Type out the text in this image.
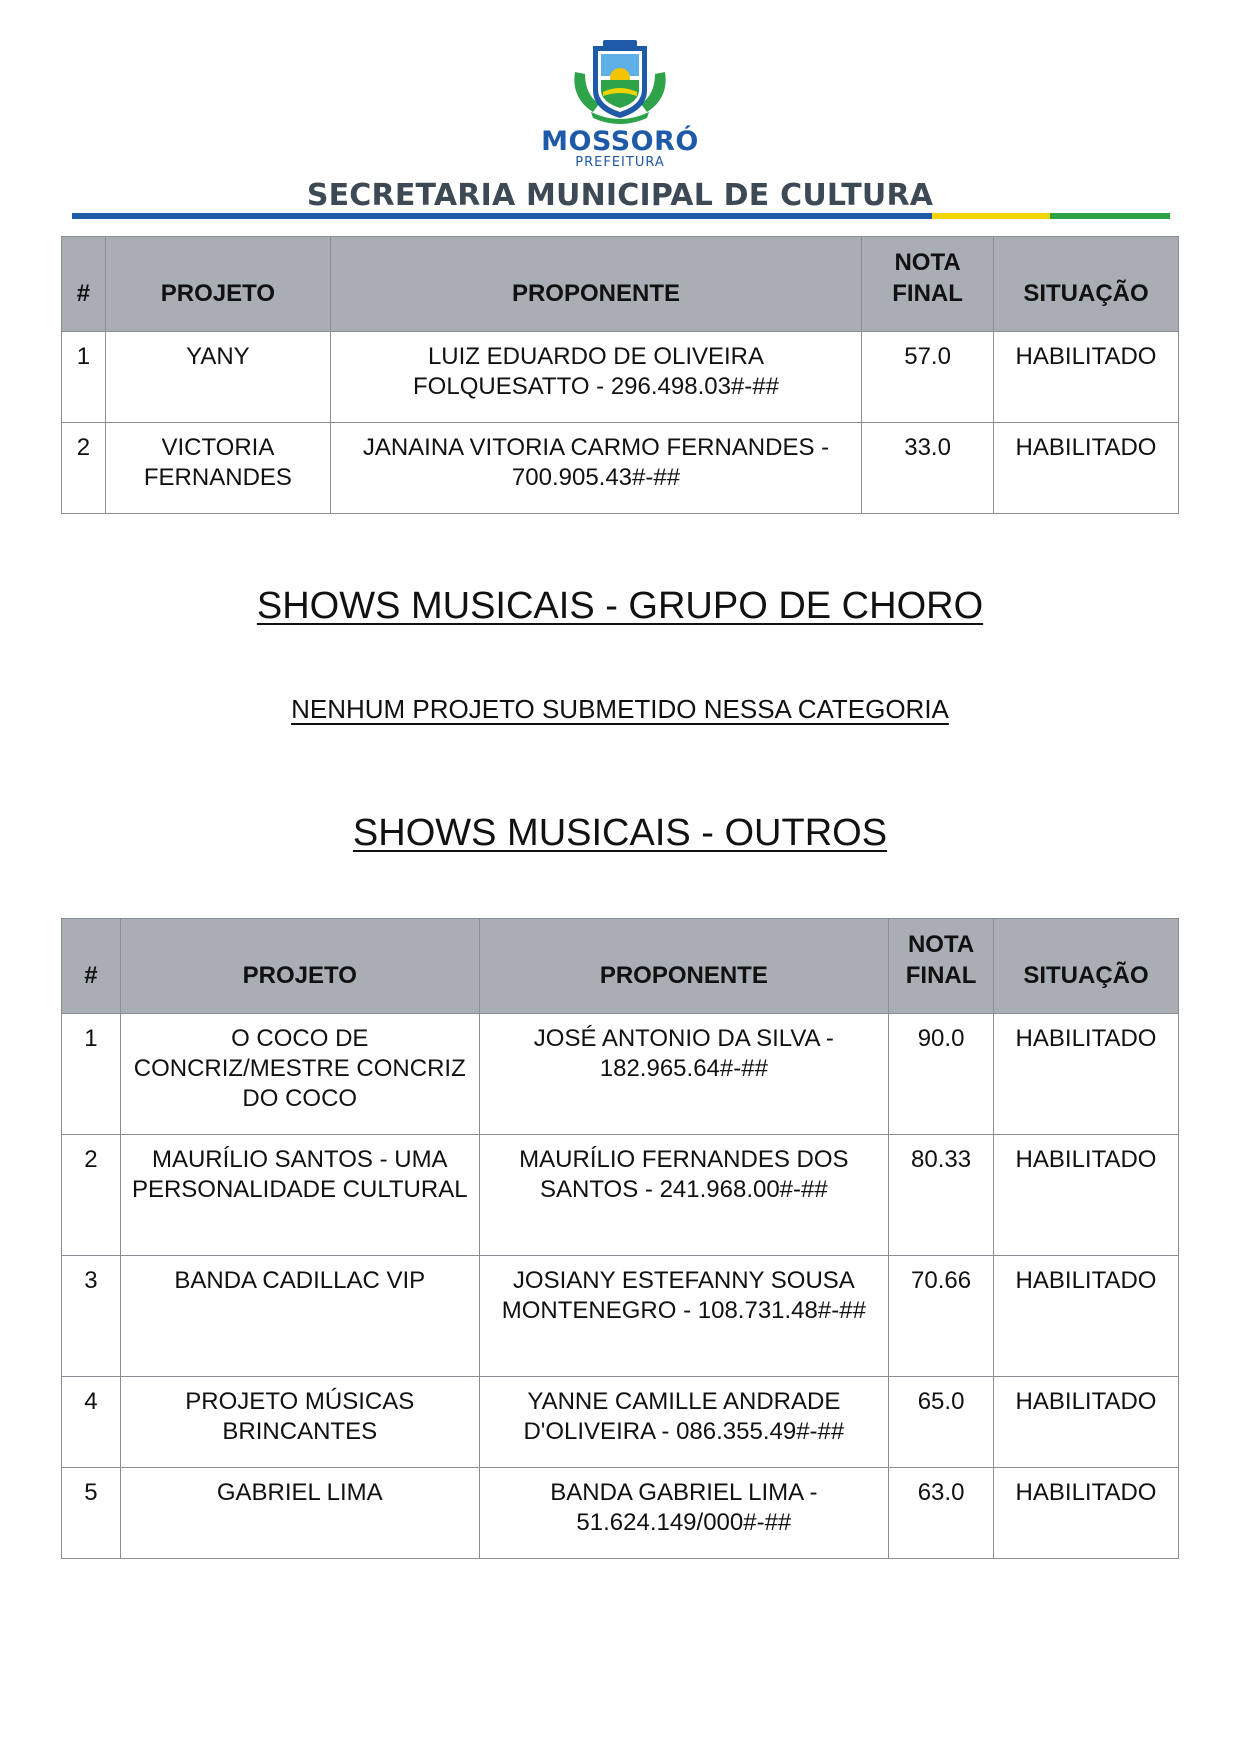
MOSSORÓ
PREFEITURA
SECRETARIA MUNICIPAL DE CULTURA
#	PROJETO	PROPONENTE	NOTA FINAL	SITUAÇÃO
1	YANY	LUIZ EDUARDO DE OLIVEIRA FOLQUESATTO - 296.498.03#-##	57.0	HABILITADO
2	VICTORIA FERNANDES	JANAINA VITORIA CARMO FERNANDES - 700.905.43#-##	33.0	HABILITADO
SHOWS MUSICAIS - GRUPO DE CHORO
NENHUM PROJETO SUBMETIDO NESSA CATEGORIA
SHOWS MUSICAIS - OUTROS
#	PROJETO	PROPONENTE	NOTA FINAL	SITUAÇÃO
1	O COCO DE CONCRIZ/MESTRE CONCRIZ DO COCO	JOSÉ ANTONIO DA SILVA - 182.965.64#-##	90.0	HABILITADO
2	MAURÍLIO SANTOS - UMA PERSONALIDADE CULTURAL	MAURÍLIO FERNANDES DOS SANTOS - 241.968.00#-##	80.33	HABILITADO
3	BANDA CADILLAC VIP	JOSIANY ESTEFANNY SOUSA MONTENEGRO - 108.731.48#-##	70.66	HABILITADO
4	PROJETO MÚSICAS BRINCANTES	YANNE CAMILLE ANDRADE D'OLIVEIRA - 086.355.49#-##	65.0	HABILITADO
5	GABRIEL LIMA	BANDA GABRIEL LIMA - 51.624.149/000#-##	63.0	HABILITADO
